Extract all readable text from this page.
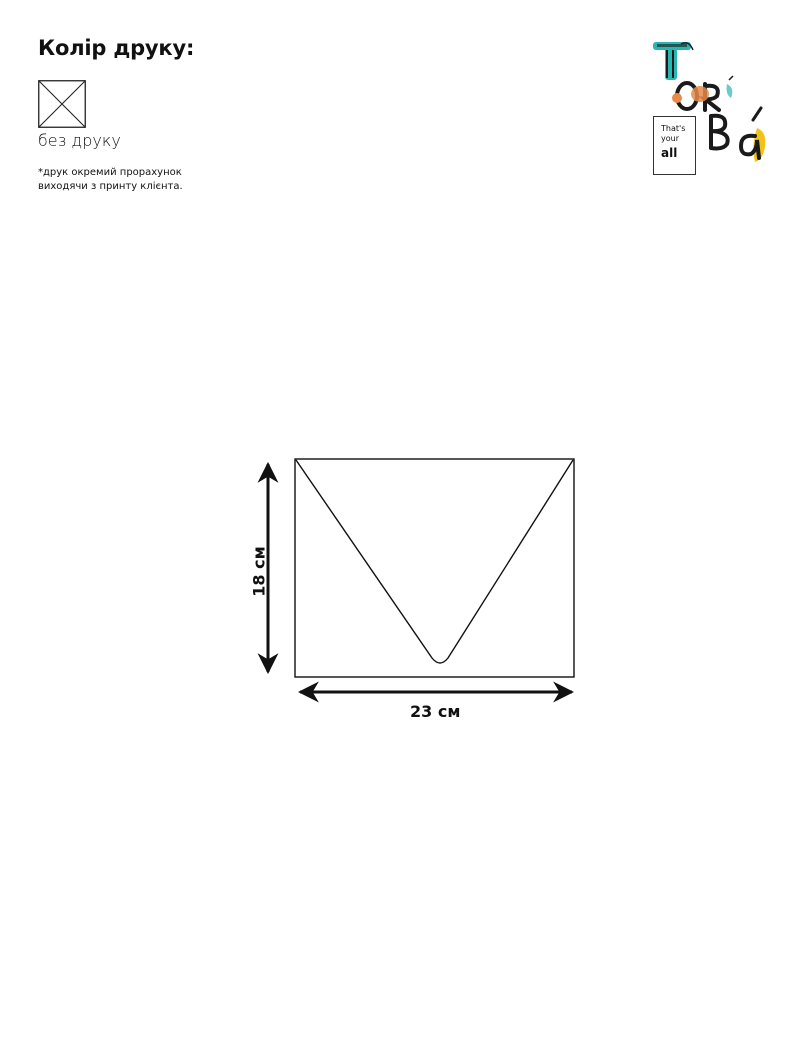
Колір друку:
без друку
*друк окремий прорахунок
виходячи з принту клієнта.
That's
your
all
23 см
18 см
